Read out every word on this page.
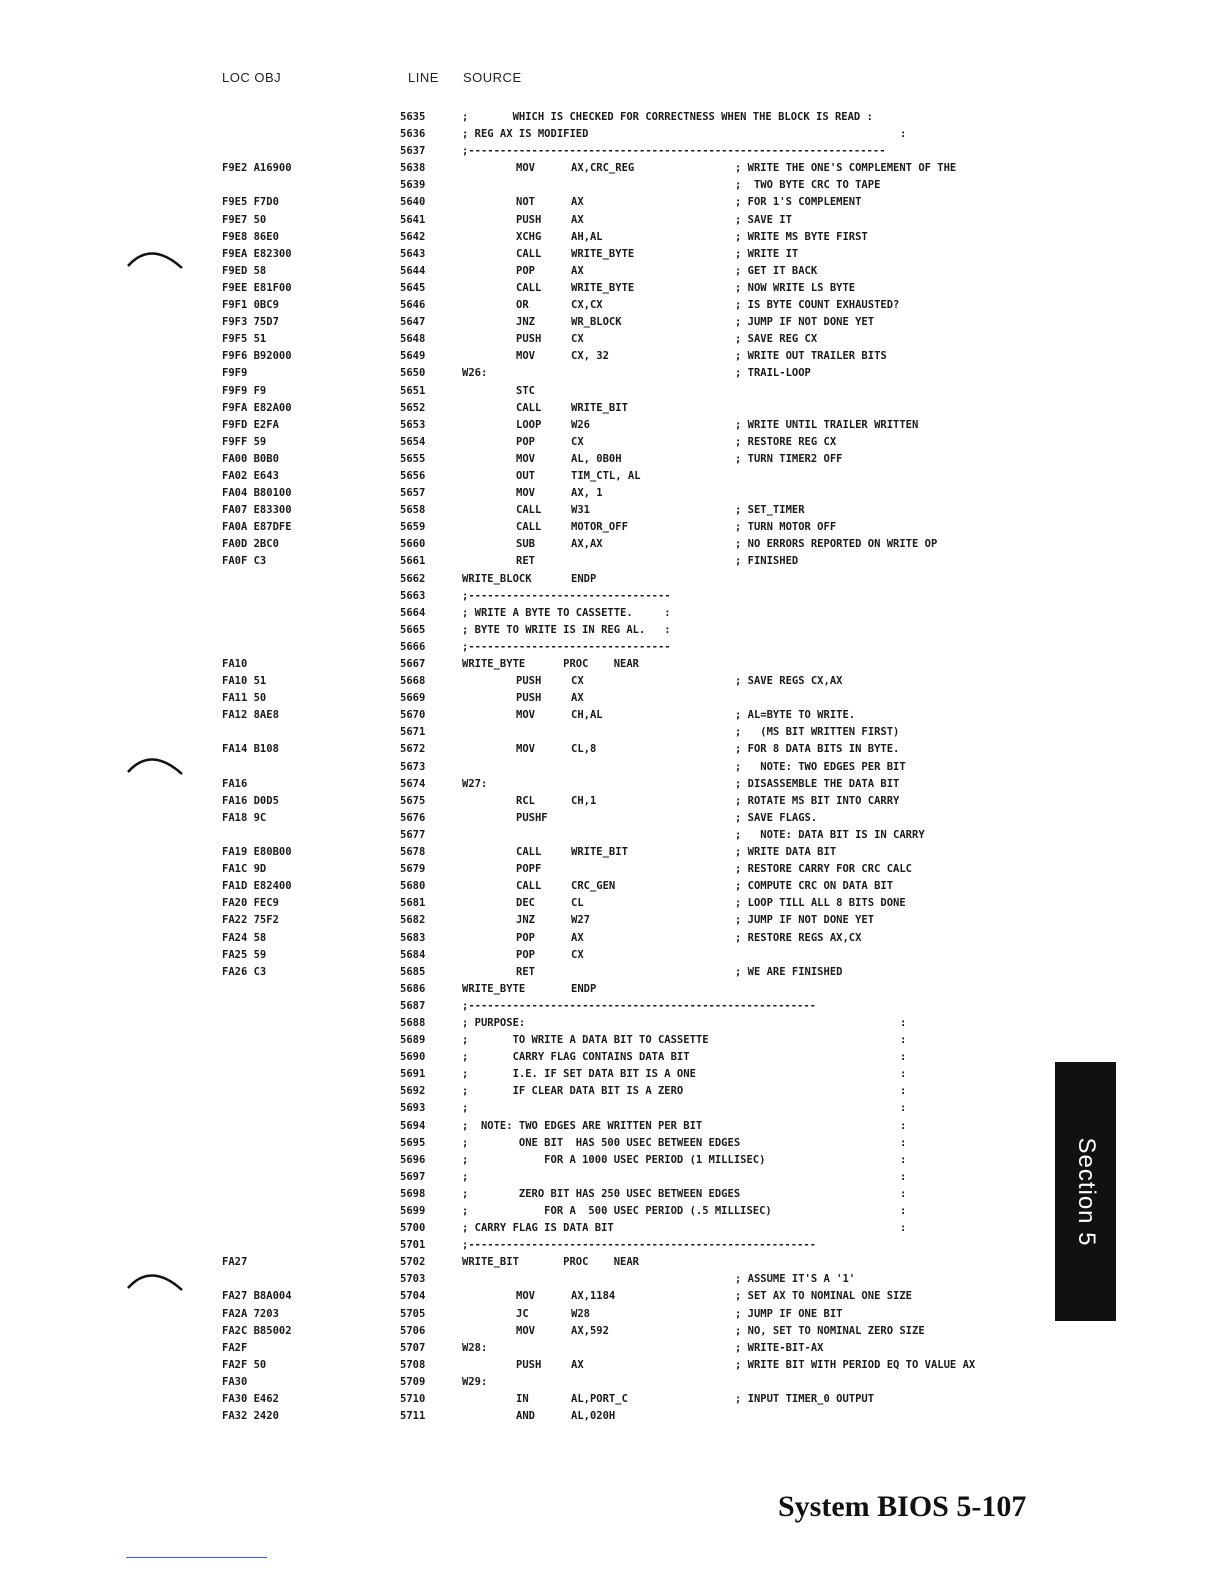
LOC OBJ	LINE SOURCE
5635	;       WHICH IS CHECKED FOR CORRECTNESS WHEN THE BLOCK IS READ :
5636	; REG AX IS MODIFIED	:
5637	;------------------------------------------------------------------
F9E2 A16900	5638	MOV	AX,CRC_REG	; WRITE THE ONE'S COMPLEMENT OF THE
5639	;  TWO BYTE CRC TO TAPE
F9E5 F7D0	5640	NOT	AX	; FOR 1'S COMPLEMENT
F9E7 50	5641	PUSH	AX	; SAVE IT
F9E8 86E0	5642	XCHG	AH,AL	; WRITE MS BYTE FIRST
F9EA E82300	5643	CALL	WRITE_BYTE	; WRITE IT
F9ED 58	5644	POP	AX	; GET IT BACK
F9EE E81F00	5645	CALL	WRITE_BYTE	; NOW WRITE LS BYTE
F9F1 0BC9	5646	OR	CX,CX	; IS BYTE COUNT EXHAUSTED?
F9F3 75D7	5647	JNZ	WR_BLOCK	; JUMP IF NOT DONE YET
F9F5 51	5648	PUSH	CX	; SAVE REG CX
F9F6 B92000	5649	MOV	CX, 32	; WRITE OUT TRAILER BITS
F9F9	5650	W26:	; TRAIL-LOOP
F9F9 F9	5651	STC
F9FA E82A00	5652	CALL	WRITE_BIT
F9FD E2FA	5653	LOOP	W26	; WRITE UNTIL TRAILER WRITTEN
F9FF 59	5654	POP	CX	; RESTORE REG CX
FA00 B0B0	5655	MOV	AL, 0B0H	; TURN TIMER2 OFF
FA02 E643	5656	OUT	TIM_CTL, AL
FA04 B80100	5657	MOV	AX, 1
FA07 E83300	5658	CALL	W31	; SET_TIMER
FA0A E87DFE	5659	CALL	MOTOR_OFF	; TURN MOTOR OFF
FA0D 2BC0	5660	SUB	AX,AX	; NO ERRORS REPORTED ON WRITE OP
FA0F C3	5661	RET	; FINISHED
5662	WRITE_BLOCK	ENDP
5663	;--------------------------------
5664	; WRITE A BYTE TO CASSETTE.     :
5665	; BYTE TO WRITE IS IN REG AL.   :
5666	;--------------------------------
FA10	5667	WRITE_BYTE      PROC    NEAR
FA10 51	5668	PUSH	CX	; SAVE REGS CX,AX
FA11 50	5669	PUSH	AX
FA12 8AE8	5670	MOV	CH,AL	; AL=BYTE TO WRITE.
5671	;   (MS BIT WRITTEN FIRST)
FA14 B108	5672	MOV	CL,8	; FOR 8 DATA BITS IN BYTE.
5673	;   NOTE: TWO EDGES PER BIT
FA16	5674	W27:	; DISASSEMBLE THE DATA BIT
FA16 D0D5	5675	RCL	CH,1	; ROTATE MS BIT INTO CARRY
FA18 9C	5676	PUSHF	; SAVE FLAGS.
5677	;   NOTE: DATA BIT IS IN CARRY
FA19 E80B00	5678	CALL	WRITE_BIT	; WRITE DATA BIT
FA1C 9D	5679	POPF	; RESTORE CARRY FOR CRC CALC
FA1D E82400	5680	CALL	CRC_GEN	; COMPUTE CRC ON DATA BIT
FA20 FEC9	5681	DEC	CL	; LOOP TILL ALL 8 BITS DONE
FA22 75F2	5682	JNZ	W27	; JUMP IF NOT DONE YET
FA24 58	5683	POP	AX	; RESTORE REGS AX,CX
FA25 59	5684	POP	CX
FA26 C3	5685	RET	; WE ARE FINISHED
5686	WRITE_BYTE	ENDP
5687	;-------------------------------------------------------
5688	; PURPOSE:	:
5689	;       TO WRITE A DATA BIT TO CASSETTE	:
5690	;       CARRY FLAG CONTAINS DATA BIT	:
5691	;       I.E. IF SET DATA BIT IS A ONE	:
5692	;       IF CLEAR DATA BIT IS A ZERO	:
5693	;	:
5694	;  NOTE: TWO EDGES ARE WRITTEN PER BIT	:
5695	;        ONE BIT  HAS 500 USEC BETWEEN EDGES	:
5696	;            FOR A 1000 USEC PERIOD (1 MILLISEC)	:
5697	;	:
5698	;        ZERO BIT HAS 250 USEC BETWEEN EDGES	:
5699	;            FOR A  500 USEC PERIOD (.5 MILLISEC)	:
5700	; CARRY FLAG IS DATA BIT	:
5701	;-------------------------------------------------------
FA27	5702	WRITE_BIT       PROC    NEAR
5703	; ASSUME IT'S A '1'
FA27 B8A004	5704	MOV	AX,1184	; SET AX TO NOMINAL ONE SIZE
FA2A 7203	5705	JC	W28	; JUMP IF ONE BIT
FA2C B85002	5706	MOV	AX,592	; NO, SET TO NOMINAL ZERO SIZE
FA2F	5707	W28:	; WRITE-BIT-AX
FA2F 50	5708	PUSH	AX	; WRITE BIT WITH PERIOD EQ TO VALUE AX
FA30	5709	W29:
FA30 E462	5710	IN	AL,PORT_C	; INPUT TIMER_0 OUTPUT
FA32 2420	5711	AND	AL,020H
Section 5
System BIOS 5-107
